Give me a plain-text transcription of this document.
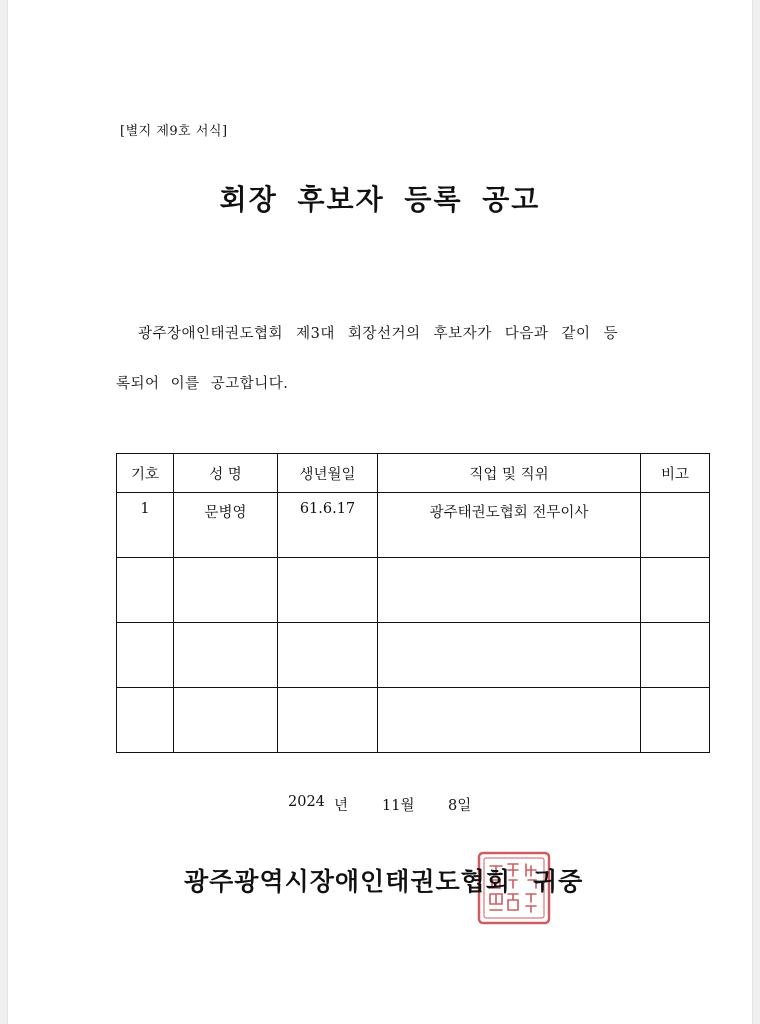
[별지 제9호 서식]
회장 후보자 등록 공고
광주장애인태권도협회 제3대 회장선거의 후보자가 다음과 같이 등
록되어 이를 공고합니다.
기호	성 명	생년월일	직업 및 직위	비고
1	문병영	61.6.17	광주태권도협회 전무이사	

2024 년 11월 8일
광주광역시장애인태권도협회 귀중
